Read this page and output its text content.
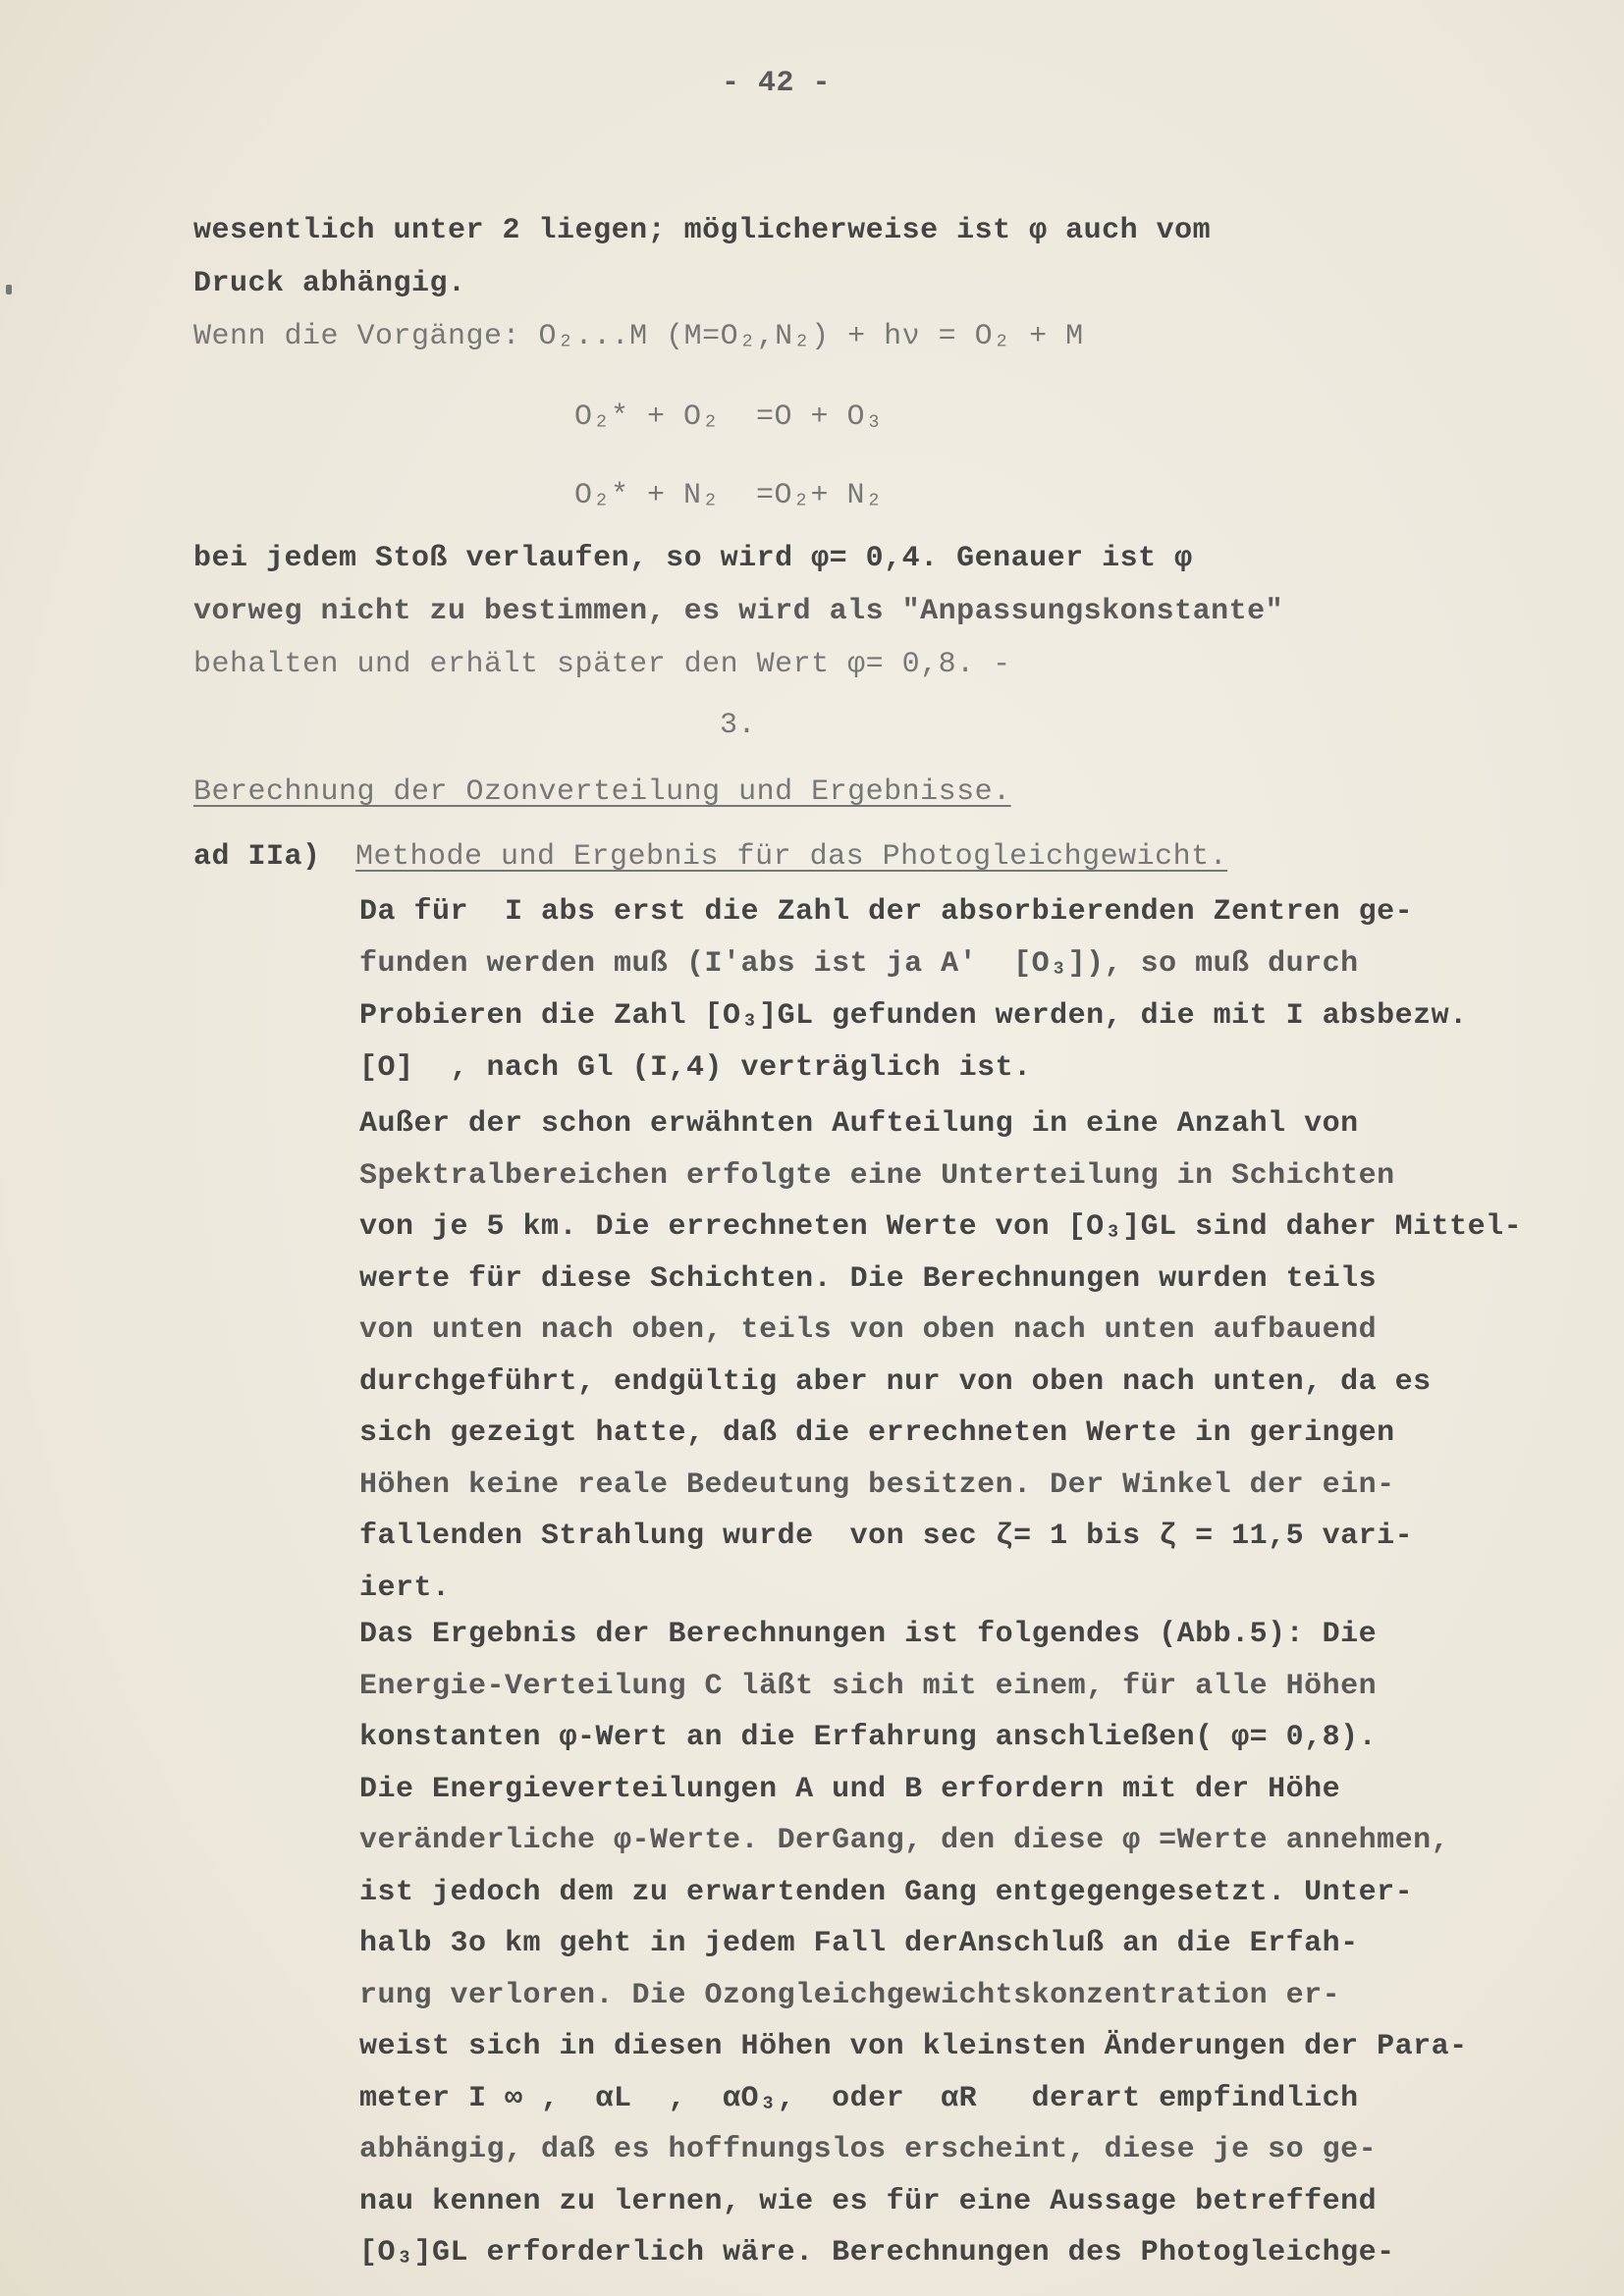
- 42 -
wesentlich unter 2 liegen; möglicherweise ist φ auch vom
Druck abhängig.
Wenn die Vorgänge: O₂...M (M=O₂,N₂) + hν = O₂ + M
O₂* + O₂  =O + O₃
O₂* + N₂  =O₂+ N₂
bei jedem Stoß verlaufen, so wird φ= 0,4. Genauer ist φ
vorweg nicht zu bestimmen, es wird als "Anpassungskonstante"
behalten und erhält später den Wert φ= 0,8. -
3.
Berechnung der Ozonverteilung und Ergebnisse.
ad IIa) Methode und Ergebnis für das Photogleichgewicht.
Da für  I abs erst die Zahl der absorbierenden Zentren ge-
funden werden muß (I'abs ist ja A'  [O₃]), so muß durch
Probieren die Zahl [O₃]GL gefunden werden, die mit I absbezw.
[O]  , nach Gl (I,4) verträglich ist.
Außer der schon erwähnten Aufteilung in eine Anzahl von
Spektralbereichen erfolgte eine Unterteilung in Schichten
von je 5 km. Die errechneten Werte von [O₃]GL sind daher Mittel-
werte für diese Schichten. Die Berechnungen wurden teils
von unten nach oben, teils von oben nach unten aufbauend
durchgeführt, endgültig aber nur von oben nach unten, da es
sich gezeigt hatte, daß die errechneten Werte in geringen
Höhen keine reale Bedeutung besitzen. Der Winkel der ein-
fallenden Strahlung wurde  von sec ζ= 1 bis ζ = 11,5 vari-
iert.
Das Ergebnis der Berechnungen ist folgendes (Abb.5): Die
Energie-Verteilung C läßt sich mit einem, für alle Höhen
konstanten φ-Wert an die Erfahrung anschließen( φ= 0,8).
Die Energieverteilungen A und B erfordern mit der Höhe
veränderliche φ-Werte. DerGang, den diese φ =Werte annehmen,
ist jedoch dem zu erwartenden Gang entgegengesetzt. Unter-
halb 3o km geht in jedem Fall derAnschluß an die Erfah-
rung verloren. Die Ozongleichgewichtskonzentration er-
weist sich in diesen Höhen von kleinsten Änderungen der Para-
meter I ∞ ,  αL  ,  αO₃,  oder  αR   derart empfindlich
abhängig, daß es hoffnungslos erscheint, diese je so ge-
nau kennen zu lernen, wie es für eine Aussage betreffend
[O₃]GL erforderlich wäre. Berechnungen des Photogleichge-
